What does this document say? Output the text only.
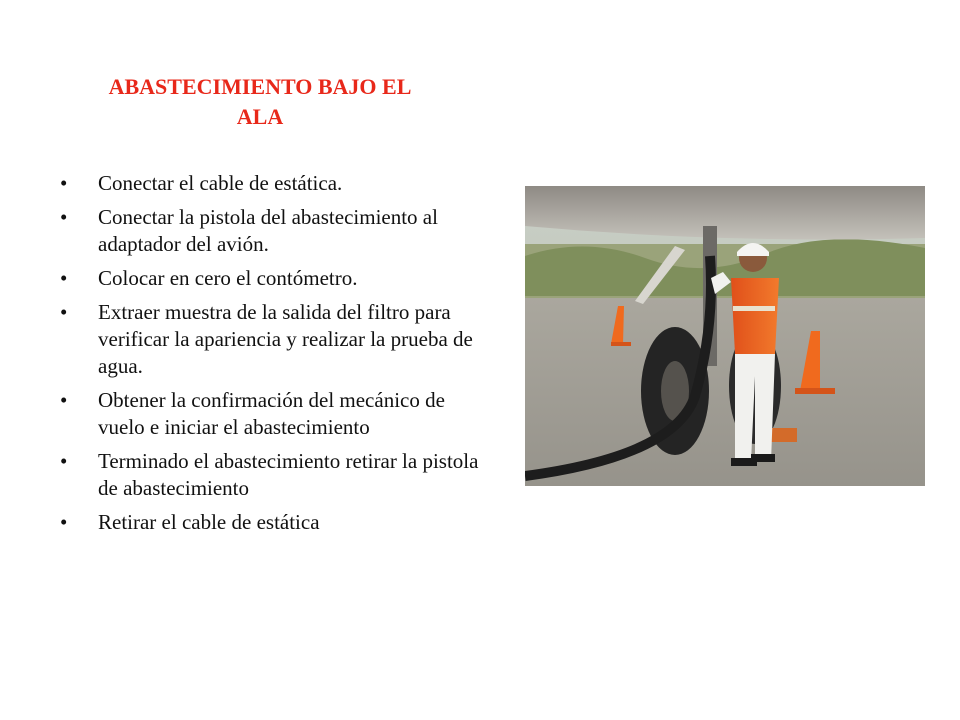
ABASTECIMIENTO BAJO EL
ALA
•	Conectar el cable de estática.
•	Conectar la pistola del abastecimiento al adaptador del avión.
•	Colocar en cero el contómetro.
•	Extraer muestra de la salida del filtro para verificar la apariencia y realizar la prueba de agua.
•	Obtener la confirmación del mecánico de vuelo e iniciar el abastecimiento
•	Terminado el abastecimiento retirar la pistola de abastecimiento
•	Retirar el cable de estática
